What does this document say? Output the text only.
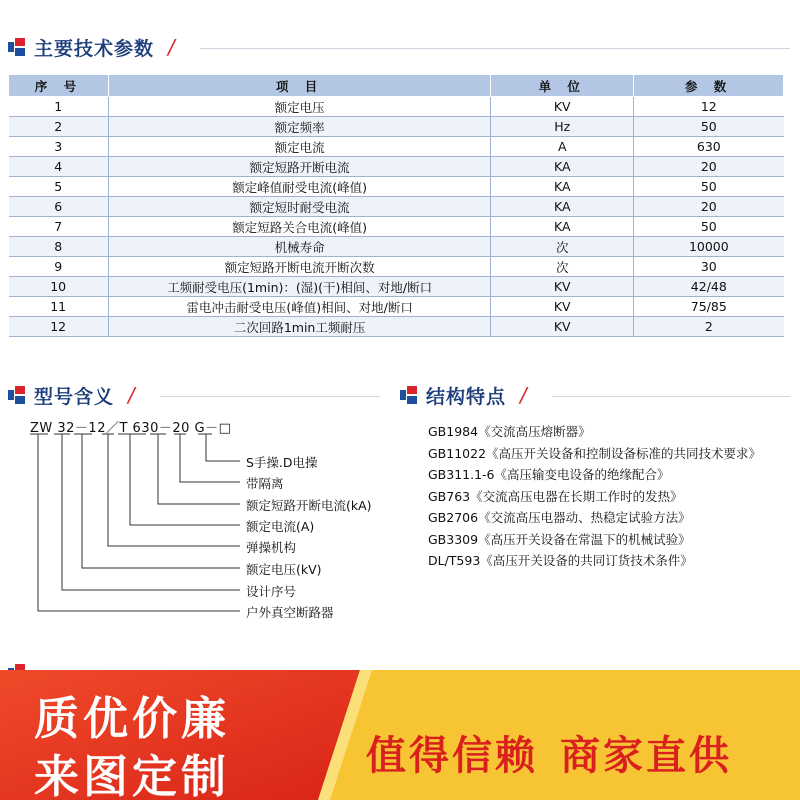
主要技术参数 /
序 号	项 目	单 位	参 数
1	额定电压	KV	12
2	额定频率	Hz	50
3	额定电流	A	630
4	额定短路开断电流	KA	20
5	额定峰值耐受电流(峰值)	KA	50
6	额定短时耐受电流	KA	20
7	额定短路关合电流(峰值)	KA	50
8	机械寿命	次	10000
9	额定短路开断电流开断次数	次	30
10	工频耐受电压(1min)：(湿)(干)相间、对地/断口	KV	42/48
11	雷电冲击耐受电压(峰值)相间、对地/断口	KV	75/85
12	二次回路1min工频耐压	KV	2
型号含义 /	结构特点 /
ZW 32－12／T 630－20 G－□
S手操.D电操
带隔离
额定短路开断电流(kA)
额定电流(A)
弹操机构
额定电压(kV)
设计序号
户外真空断路器
GB1984《交流高压熔断器》
GB11022《高压开关设备和控制设备标准的共同技术要求》
GB311.1-6《高压输变电设备的绝缘配合》
GB763《交流高压电器在长期工作时的发热》
GB2706《交流高压电器动、热稳定试验方法》
GB3309《高压开关设备在常温下的机械试验》
DL/T593《高压开关设备的共同订货技术条件》
质优价廉
来图定制	值得信赖 商家直供
